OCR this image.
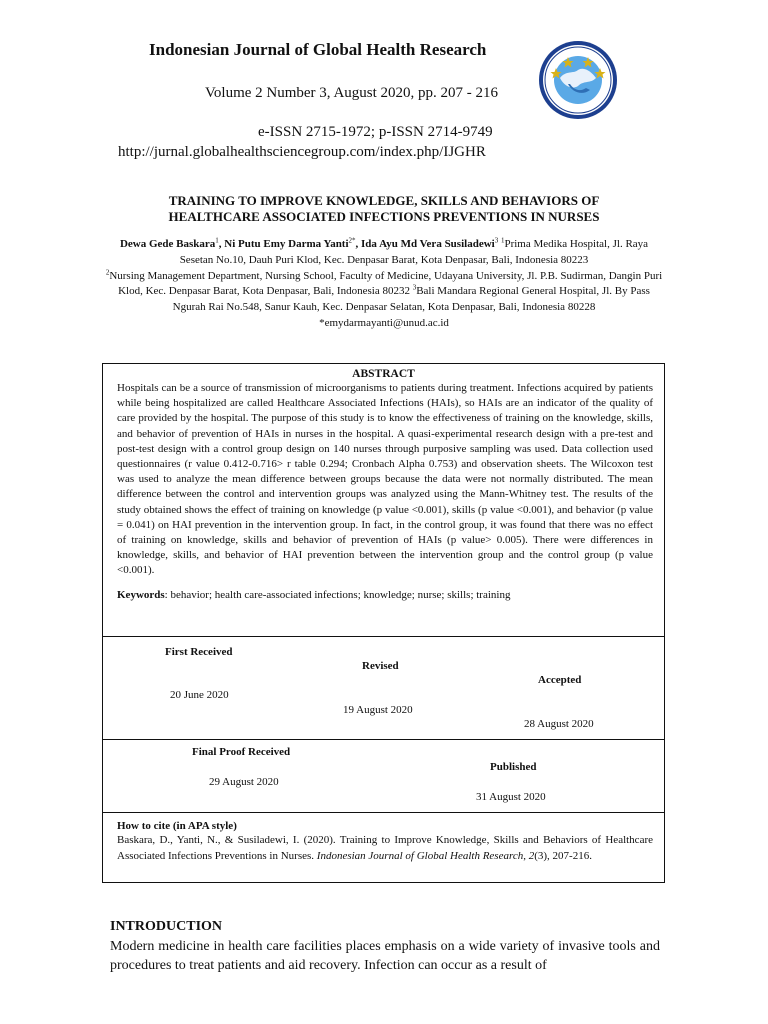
Indonesian Journal of Global Health Research
Volume 2 Number 3, August 2020, pp. 207 - 216
e-ISSN 2715-1972; p-ISSN 2714-9749
http://jurnal.globalhealthsciencegroup.com/index.php/IJGHR
TRAINING TO IMPROVE KNOWLEDGE, SKILLS AND BEHAVIORS OF
HEALTHCARE ASSOCIATED INFECTIONS PREVENTIONS IN NURSES
Dewa Gede Baskara$^1$, Ni Putu Emy Darma Yanti$^{2*}$, Ida Ayu Md Vera Susiladewi$^3$ $^1$Prima Medika Hospital, Jl. Raya Sesetan No.10, Dauh Puri Klod, Kec. Denpasar Barat, Kota Denpasar, Bali, Indonesia 80223
$^2$Nursing Management Department, Nursing School, Faculty of Medicine, Udayana University, Jl. P.B. Sudirman, Dangin Puri Klod, Kec. Denpasar Barat, Kota Denpasar, Bali, Indonesia 80232 $^3$Bali Mandara Regional General Hospital, Jl. By Pass Ngurah Rai No.548, Sanur Kauh, Kec. Denpasar Selatan, Kota Denpasar, Bali, Indonesia 80228
*emydarmayanti@unud.ac.id
ABSTRACT
Hospitals can be a source of transmission of microorganisms to patients during treatment. Infections acquired by patients while being hospitalized are called Healthcare Associated Infections (HAIs), so HAIs are an indicator of the quality of care provided by the hospital. The purpose of this study is to know the effectiveness of training on the knowledge, skills, and behavior of prevention of HAIs in nurses in the hospital. A quasi-experimental research design with a pre-test and post-test design with a control group design on 140 nurses through purposive sampling was used. Data collection used questionnaires (r value 0.412-0.716> r table 0.294; Cronbach Alpha 0.753) and observation sheets. The Wilcoxon test was used to analyze the mean difference between groups because the data were not normally distributed. The mean difference between the control and intervention groups was analyzed using the Mann-Whitney test. The results of the study obtained shows the effect of training on knowledge (p value <0.001), skills (p value <0.001), and behavior (p value = 0.041) on HAI prevention in the intervention group. In fact, in the control group, it was found that there was no effect of training on knowledge, skills and behavior of prevention of HAIs (p value> 0.005). There were differences in knowledge, skills, and behavior of HAI prevention between the intervention group and the control group (p value <0.001).
Keywords: behavior; health care-associated infections; knowledge; nurse; skills; training
First Received
20 June 2020
Revised
19 August 2020
Accepted
28 August 2020
Final Proof Received
29 August 2020
Published
31 August 2020
How to cite (in APA style)
Baskara, D., Yanti, N., & Susiladewi, I. (2020). Training to Improve Knowledge, Skills and Behaviors of Healthcare Associated Infections Preventions in Nurses. Indonesian Journal of Global Health Research, 2(3), 207-216.
INTRODUCTION
Modern medicine in health care facilities places emphasis on a wide variety of invasive tools and procedures to treat patients and aid recovery. Infection can occur as a result of
